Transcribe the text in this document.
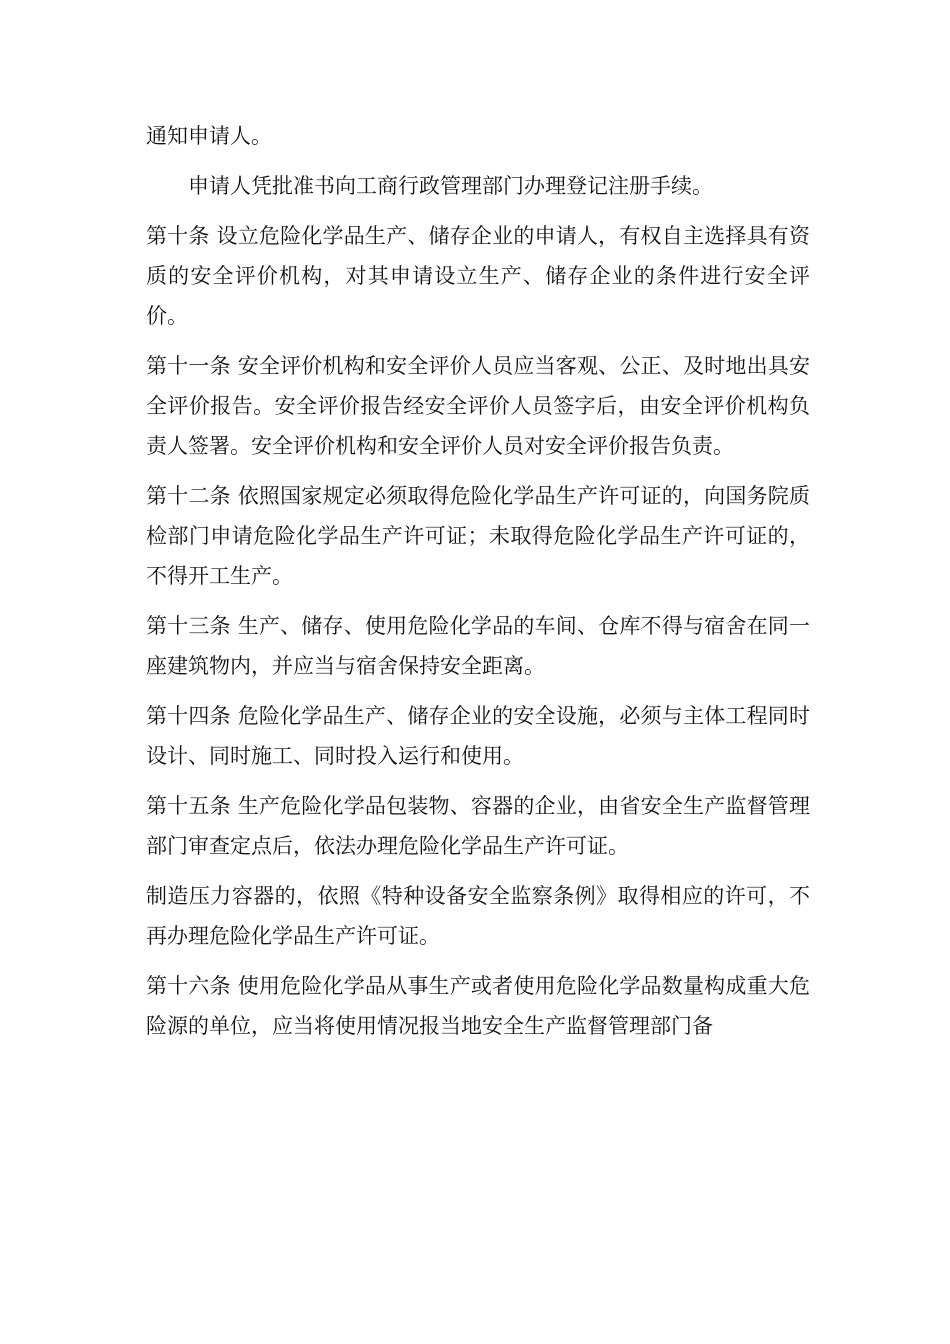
通知申请人。

申请人凭批准书向工商行政管理部门办理登记注册手续。

第十条 设立危险化学品生产、储存企业的申请人，有权自主选择具有资质的安全评价机构，对其申请设立生产、储存企业的条件进行安全评价。

第十一条 安全评价机构和安全评价人员应当客观、公正、及时地出具安全评价报告。安全评价报告经安全评价人员签字后，由安全评价机构负责人签署。安全评价机构和安全评价人员对安全评价报告负责。

第十二条 依照国家规定必须取得危险化学品生产许可证的，向国务院质检部门申请危险化学品生产许可证；未取得危险化学品生产许可证的，不得开工生产。

第十三条 生产、储存、使用危险化学品的车间、仓库不得与宿舍在同一座建筑物内，并应当与宿舍保持安全距离。

第十四条 危险化学品生产、储存企业的安全设施，必须与主体工程同时设计、同时施工、同时投入运行和使用。

第十五条 生产危险化学品包装物、容器的企业，由省安全生产监督管理部门审查定点后，依法办理危险化学品生产许可证。

制造压力容器的，依照《特种设备安全监察条例》取得相应的许可，不再办理危险化学品生产许可证。

第十六条 使用危险化学品从事生产或者使用危险化学品数量构成重大危险源的单位，应当将使用情况报当地安全生产监督管理部门备
